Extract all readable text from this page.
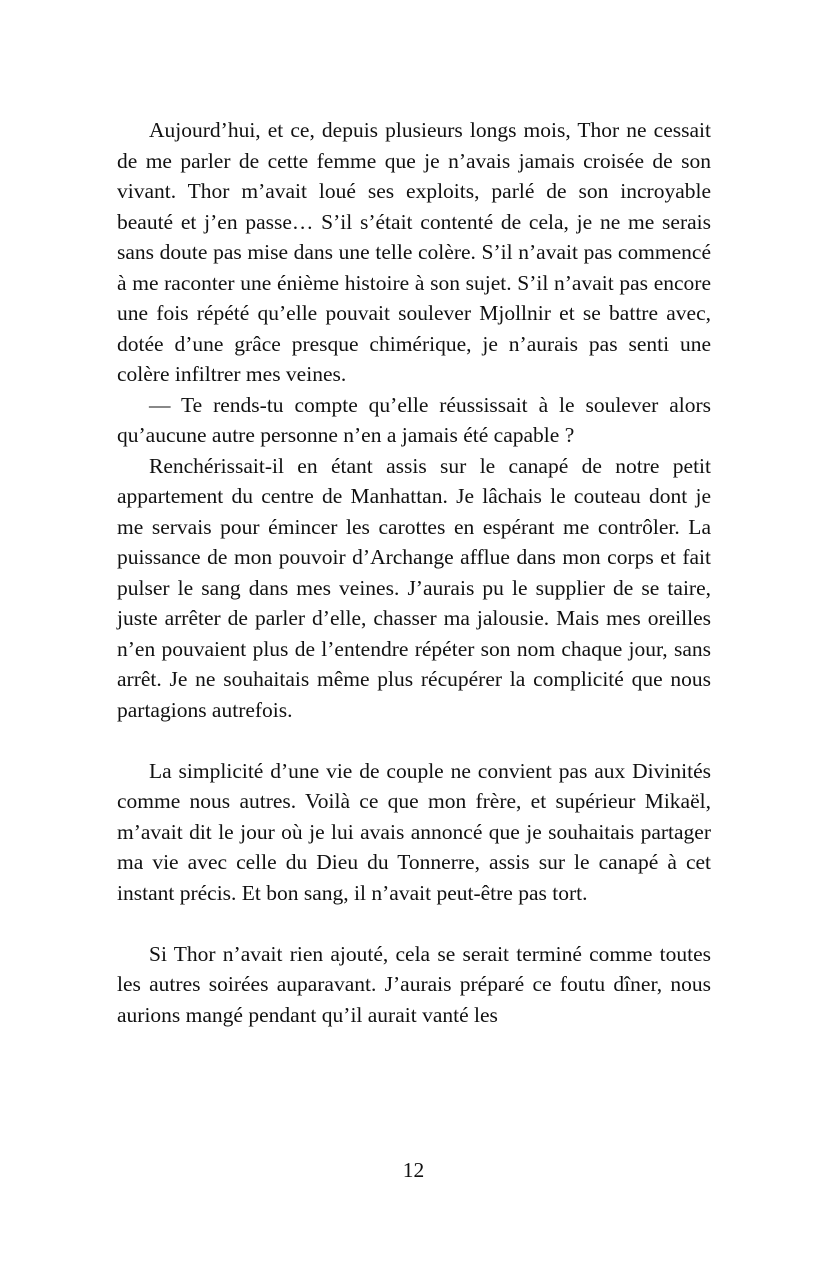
Aujourd’hui, et ce, depuis plusieurs longs mois, Thor ne cessait de me parler de cette femme que je n’avais jamais croisée de son vivant. Thor m’avait loué ses exploits, parlé de son incroyable beauté et j’en passe… S’il s’était contenté de cela, je ne me serais sans doute pas mise dans une telle colère. S’il n’avait pas commencé à me raconter une énième histoire à son sujet. S’il n’avait pas encore une fois répété qu’elle pouvait soulever Mjollnir et se battre avec, dotée d’une grâce presque chimérique, je n’aurais pas senti une colère infiltrer mes veines.

— Te rends-tu compte qu’elle réussissait à le soulever alors qu’aucune autre personne n’en a jamais été capable ?

Renchérissait-il en étant assis sur le canapé de notre petit appartement du centre de Manhattan. Je lâchais le couteau dont je me servais pour émincer les carottes en espérant me contrôler. La puissance de mon pouvoir d’Archange afflue dans mon corps et fait pulser le sang dans mes veines. J’aurais pu le supplier de se taire, juste arrêter de parler d’elle, chasser ma jalousie. Mais mes oreilles n’en pouvaient plus de l’entendre répéter son nom chaque jour, sans arrêt. Je ne souhaitais même plus récupérer la complicité que nous partagions autrefois.

La simplicité d’une vie de couple ne convient pas aux Divinités comme nous autres. Voilà ce que mon frère, et supérieur Mikaël, m’avait dit le jour où je lui avais annoncé que je souhaitais partager ma vie avec celle du Dieu du Tonnerre, assis sur le canapé à cet instant précis. Et bon sang, il n’avait peut-être pas tort.

Si Thor n’avait rien ajouté, cela se serait terminé comme toutes les autres soirées auparavant. J’aurais préparé ce foutu dîner, nous aurions mangé pendant qu’il aurait vanté les

12
